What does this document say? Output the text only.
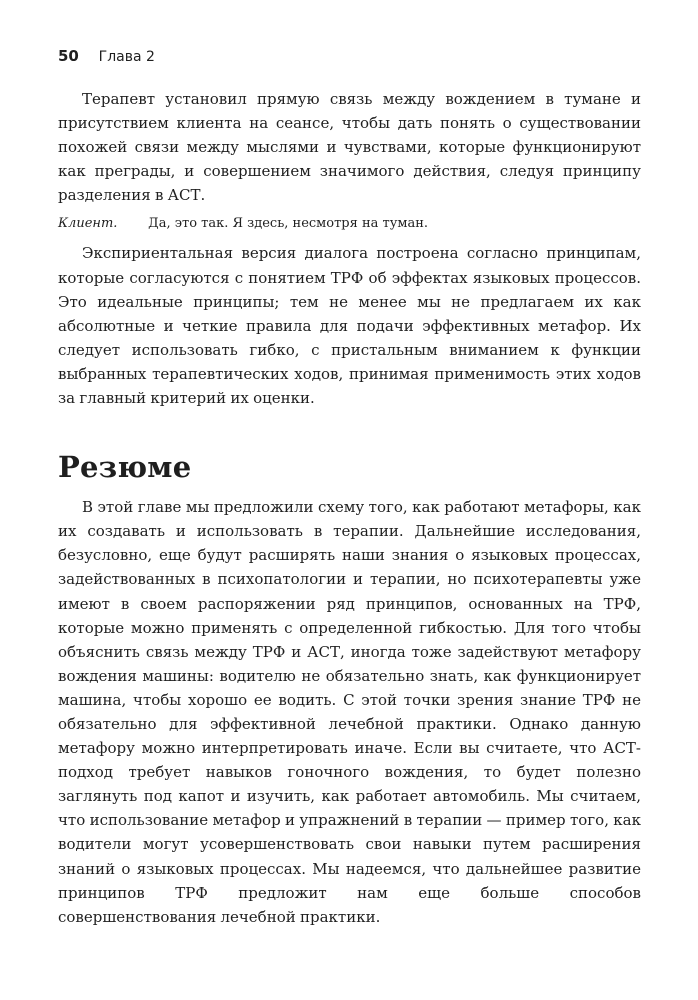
50 Глава 2

Терапевт установил прямую связь между вождением в тумане и присутствием клиента на сеансе, чтобы дать понять о существовании похожей связи между мыслями и чувствами, которые функционируют как преграды, и совершением значимого действия, следуя принципу разделения в АСТ.

Клиент. Да, это так. Я здесь, несмотря на туман.

Экспириентальная версия диалога построена согласно принципам, которые согласуются с понятием ТРФ об эффектах языковых процессов. Это идеальные принципы; тем не менее мы не предлагаем их как абсолютные и четкие правила для подачи эффективных метафор. Их следует использовать гибко, с пристальным вниманием к функции выбранных терапевтических ходов, принимая применимость этих ходов за главный критерий их оценки.

Резюме

В этой главе мы предложили схему того, как работают метафоры, как их создавать и использовать в терапии. Дальнейшие исследования, безусловно, еще будут расширять наши знания о языковых процессах, задействованных в психопатологии и терапии, но психотерапевты уже имеют в своем распоряжении ряд принципов, основанных на ТРФ, которые можно применять с определенной гибкостью. Для того чтобы объяснить связь между ТРФ и АСТ, иногда тоже задействуют метафору вождения машины: водителю не обязательно знать, как функционирует машина, чтобы хорошо ее водить. С этой точки зрения знание ТРФ не обязательно для эффективной лечебной практики. Однако данную метафору можно интерпретировать иначе. Если вы считаете, что АСТ-подход требует навыков гоночного вождения, то будет полезно заглянуть под капот и изучить, как работает автомобиль. Мы считаем, что использование метафор и упражнений в терапии — пример того, как водители могут усовершенствовать свои навыки путем расширения знаний о языковых процессах. Мы надеемся, что дальнейшее развитие принципов ТРФ предложит нам еще больше способов совершенствования лечебной практики.
